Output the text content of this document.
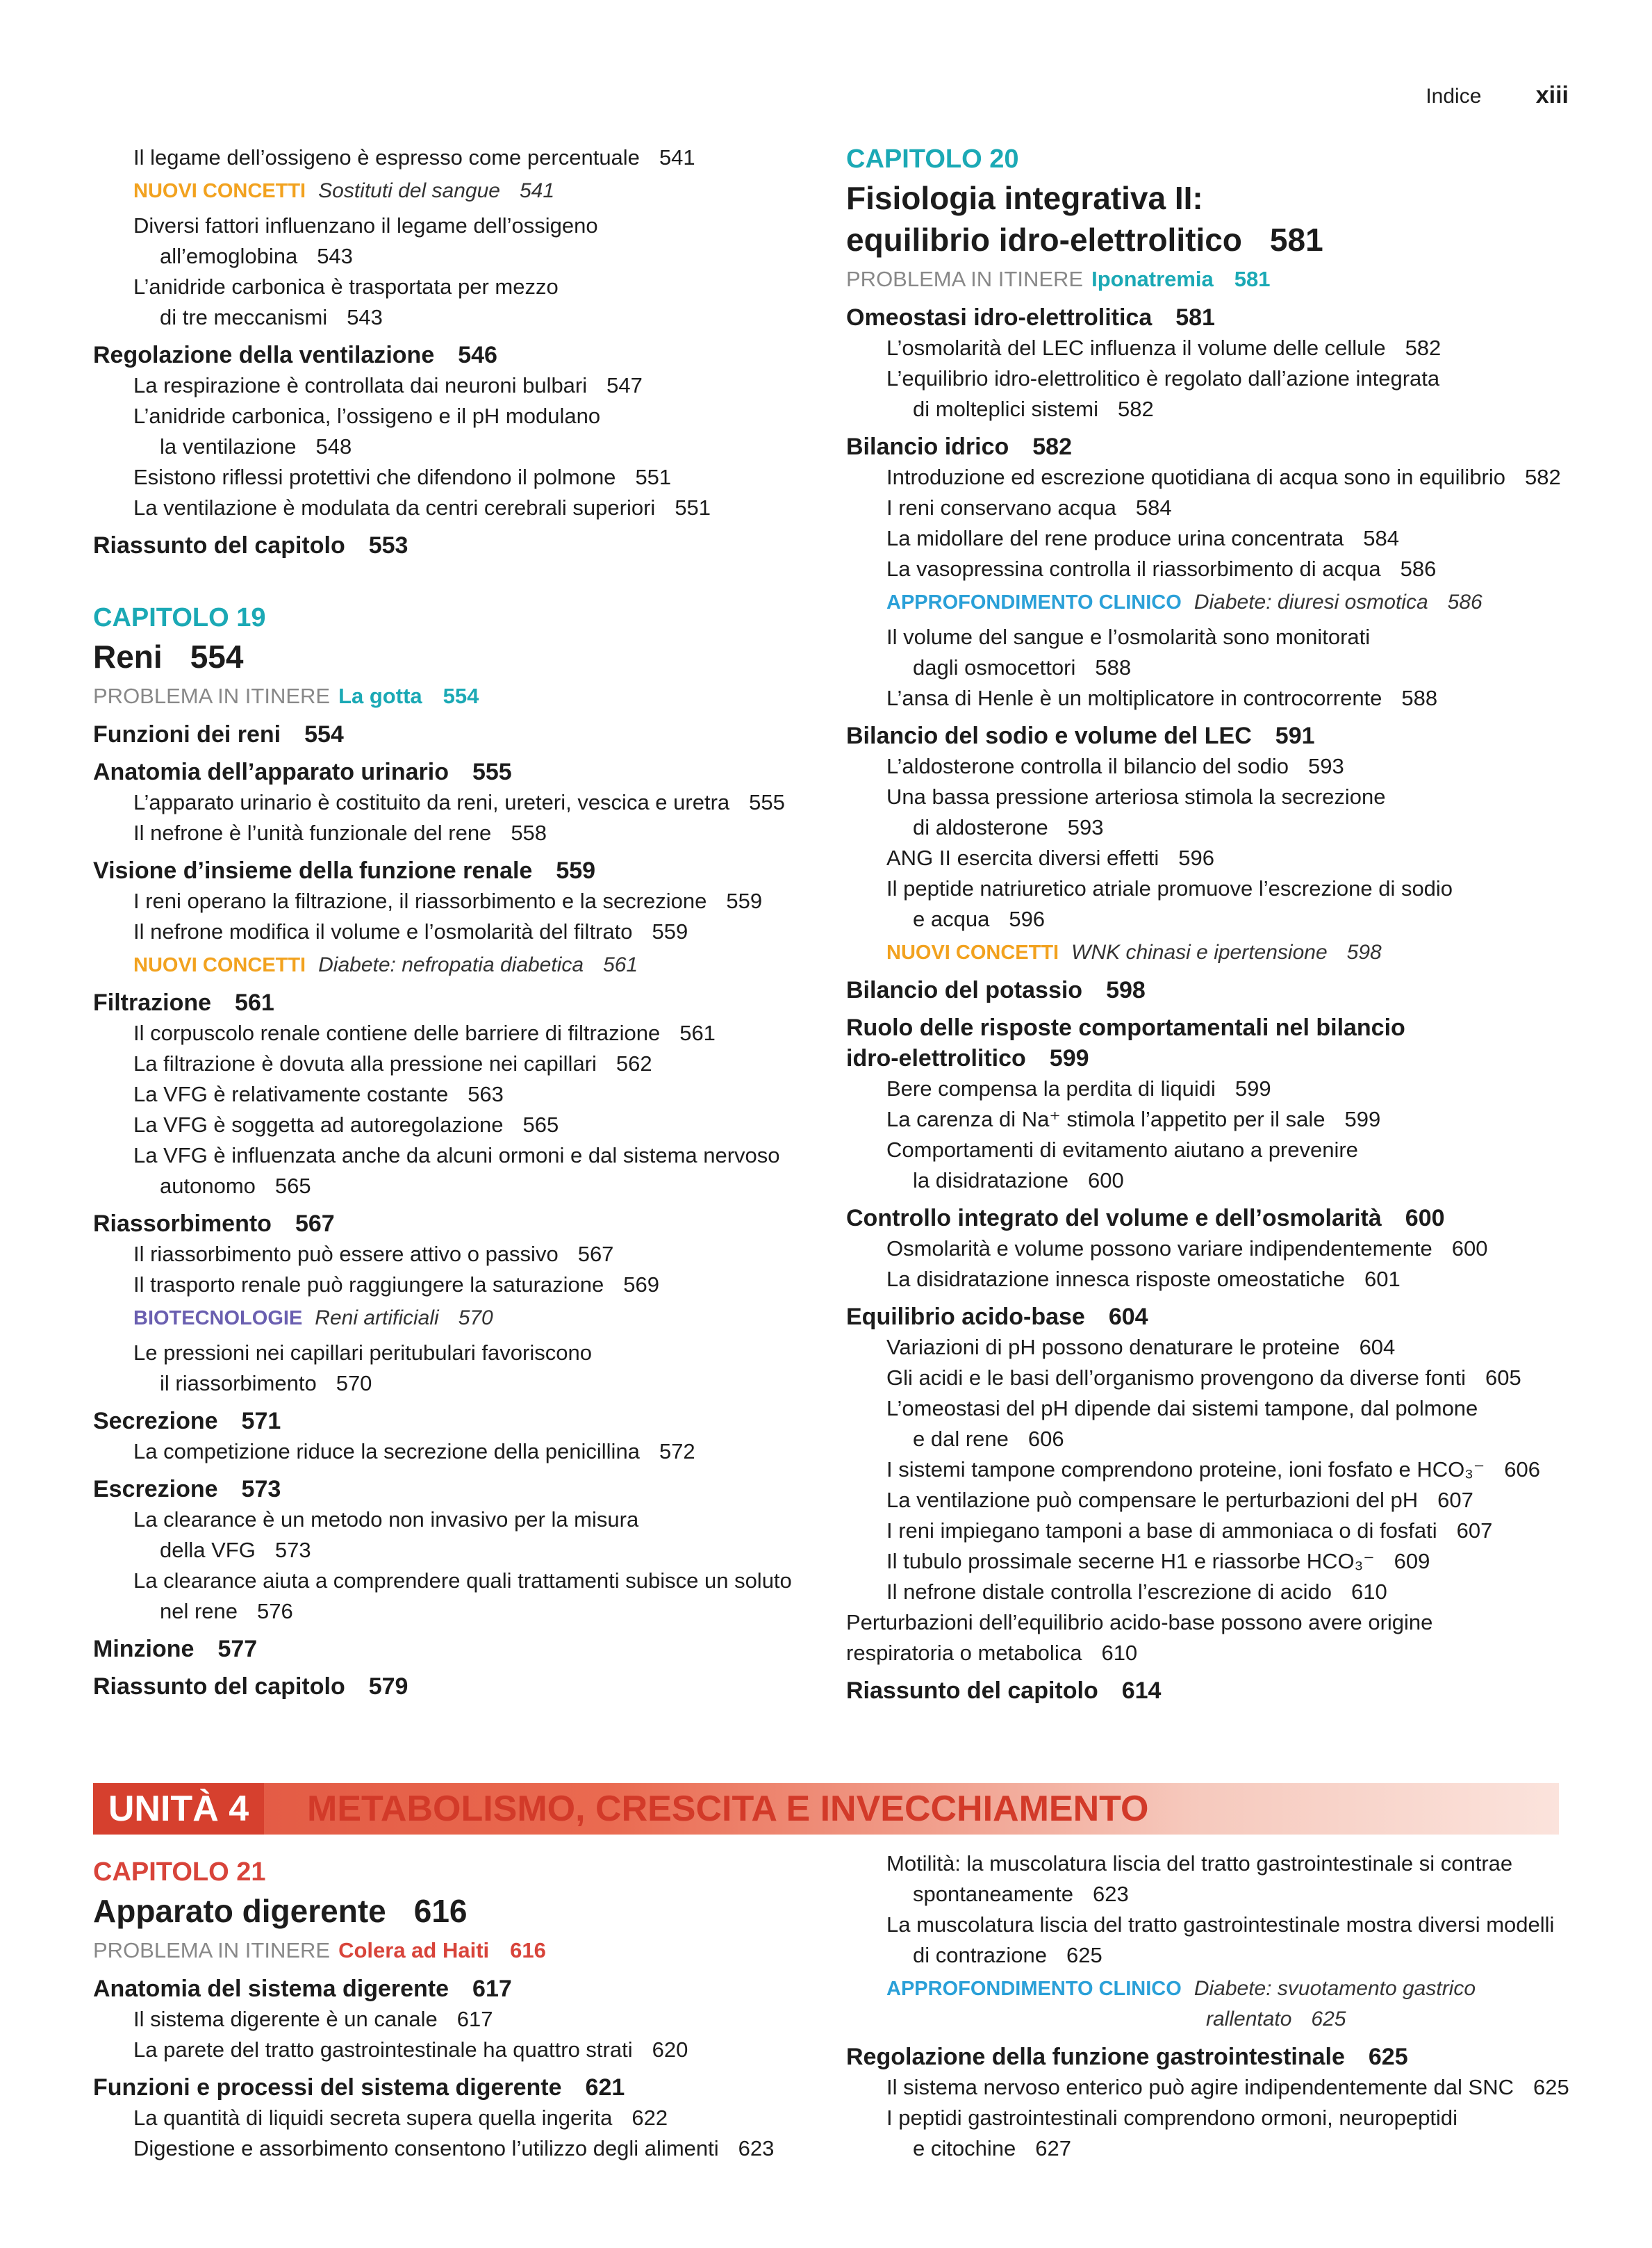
Indice xiii
Il legame dell’ossigeno è espresso come percentuale 541
NUOVI CONCETTI Sostituti del sangue 541
Diversi fattori influenzano il legame dell’ossigeno
all’emoglobina 543
L’anidride carbonica è trasportata per mezzo
di tre meccanismi 543
Regolazione della ventilazione 546
La respirazione è controllata dai neuroni bulbari 547
L’anidride carbonica, l’ossigeno e il pH modulano
la ventilazione 548
Esistono riflessi protettivi che difendono il polmone 551
La ventilazione è modulata da centri cerebrali superiori 551
Riassunto del capitolo 553
CAPITOLO 19
Reni 554
PROBLEMA IN ITINERE La gotta 554
Funzioni dei reni 554
Anatomia dell’apparato urinario 555
L’apparato urinario è costituito da reni, ureteri, vescica e uretra 555
Il nefrone è l’unità funzionale del rene 558
Visione d’insieme della funzione renale 559
I reni operano la filtrazione, il riassorbimento e la secrezione 559
Il nefrone modifica il volume e l’osmolarità del filtrato 559
NUOVI CONCETTI Diabete: nefropatia diabetica 561
Filtrazione 561
Il corpuscolo renale contiene delle barriere di filtrazione 561
La filtrazione è dovuta alla pressione nei capillari 562
La VFG è relativamente costante 563
La VFG è soggetta ad autoregolazione 565
La VFG è influenzata anche da alcuni ormoni e dal sistema nervoso
autonomo 565
Riassorbimento 567
Il riassorbimento può essere attivo o passivo 567
Il trasporto renale può raggiungere la saturazione 569
BIOTECNOLOGIE Reni artificiali 570
Le pressioni nei capillari peritubulari favoriscono
il riassorbimento 570
Secrezione 571
La competizione riduce la secrezione della penicillina 572
Escrezione 573
La clearance è un metodo non invasivo per la misura
della VFG 573
La clearance aiuta a comprendere quali trattamenti subisce un soluto
nel rene 576
Minzione 577
Riassunto del capitolo 579
CAPITOLO 20
Fisiologia integrativa II:
equilibrio idro-elettrolitico 581
PROBLEMA IN ITINERE Iponatremia 581
Omeostasi idro-elettrolitica 581
L’osmolarità del LEC influenza il volume delle cellule 582
L’equilibrio idro-elettrolitico è regolato dall’azione integrata
di molteplici sistemi 582
Bilancio idrico 582
Introduzione ed escrezione quotidiana di acqua sono in equilibrio 582
I reni conservano acqua 584
La midollare del rene produce urina concentrata 584
La vasopressina controlla il riassorbimento di acqua 586
APPROFONDIMENTO CLINICO Diabete: diuresi osmotica 586
Il volume del sangue e l’osmolarità sono monitorati
dagli osmocettori 588
L’ansa di Henle è un moltiplicatore in controcorrente 588
Bilancio del sodio e volume del LEC 591
L’aldosterone controlla il bilancio del sodio 593
Una bassa pressione arteriosa stimola la secrezione
di aldosterone 593
ANG II esercita diversi effetti 596
Il peptide natriuretico atriale promuove l’escrezione di sodio
e acqua 596
NUOVI CONCETTI WNK chinasi e ipertensione 598
Bilancio del potassio 598
Ruolo delle risposte comportamentali nel bilancio
idro-elettrolitico 599
Bere compensa la perdita di liquidi 599
La carenza di Na⁺ stimola l’appetito per il sale 599
Comportamenti di evitamento aiutano a prevenire
la disidratazione 600
Controllo integrato del volume e dell’osmolarità 600
Osmolarità e volume possono variare indipendentemente 600
La disidratazione innesca risposte omeostatiche 601
Equilibrio acido-base 604
Variazioni di pH possono denaturare le proteine 604
Gli acidi e le basi dell’organismo provengono da diverse fonti 605
L’omeostasi del pH dipende dai sistemi tampone, dal polmone
e dal rene 606
I sistemi tampone comprendono proteine, ioni fosfato e HCO₃⁻ 606
La ventilazione può compensare le perturbazioni del pH 607
I reni impiegano tamponi a base di ammoniaca o di fosfati 607
Il tubulo prossimale secerne H1 e riassorbe HCO₃⁻ 609
Il nefrone distale controlla l’escrezione di acido 610
Perturbazioni dell’equilibrio acido-base possono avere origine
respiratoria o metabolica 610
Riassunto del capitolo 614
UNITÀ 4	METABOLISMO, CRESCITA E INVECCHIAMENTO
CAPITOLO 21
Apparato digerente 616
PROBLEMA IN ITINERE Colera ad Haiti 616
Anatomia del sistema digerente 617
Il sistema digerente è un canale 617
La parete del tratto gastrointestinale ha quattro strati 620
Funzioni e processi del sistema digerente 621
La quantità di liquidi secreta supera quella ingerita 622
Digestione e assorbimento consentono l’utilizzo degli alimenti 623
Motilità: la muscolatura liscia del tratto gastrointestinale si contrae
spontaneamente 623
La muscolatura liscia del tratto gastrointestinale mostra diversi modelli
di contrazione 625
APPROFONDIMENTO CLINICO Diabete: svuotamento gastrico
rallentato 625
Regolazione della funzione gastrointestinale 625
Il sistema nervoso enterico può agire indipendentemente dal SNC 625
I peptidi gastrointestinali comprendono ormoni, neuropeptidi
e citochine 627
